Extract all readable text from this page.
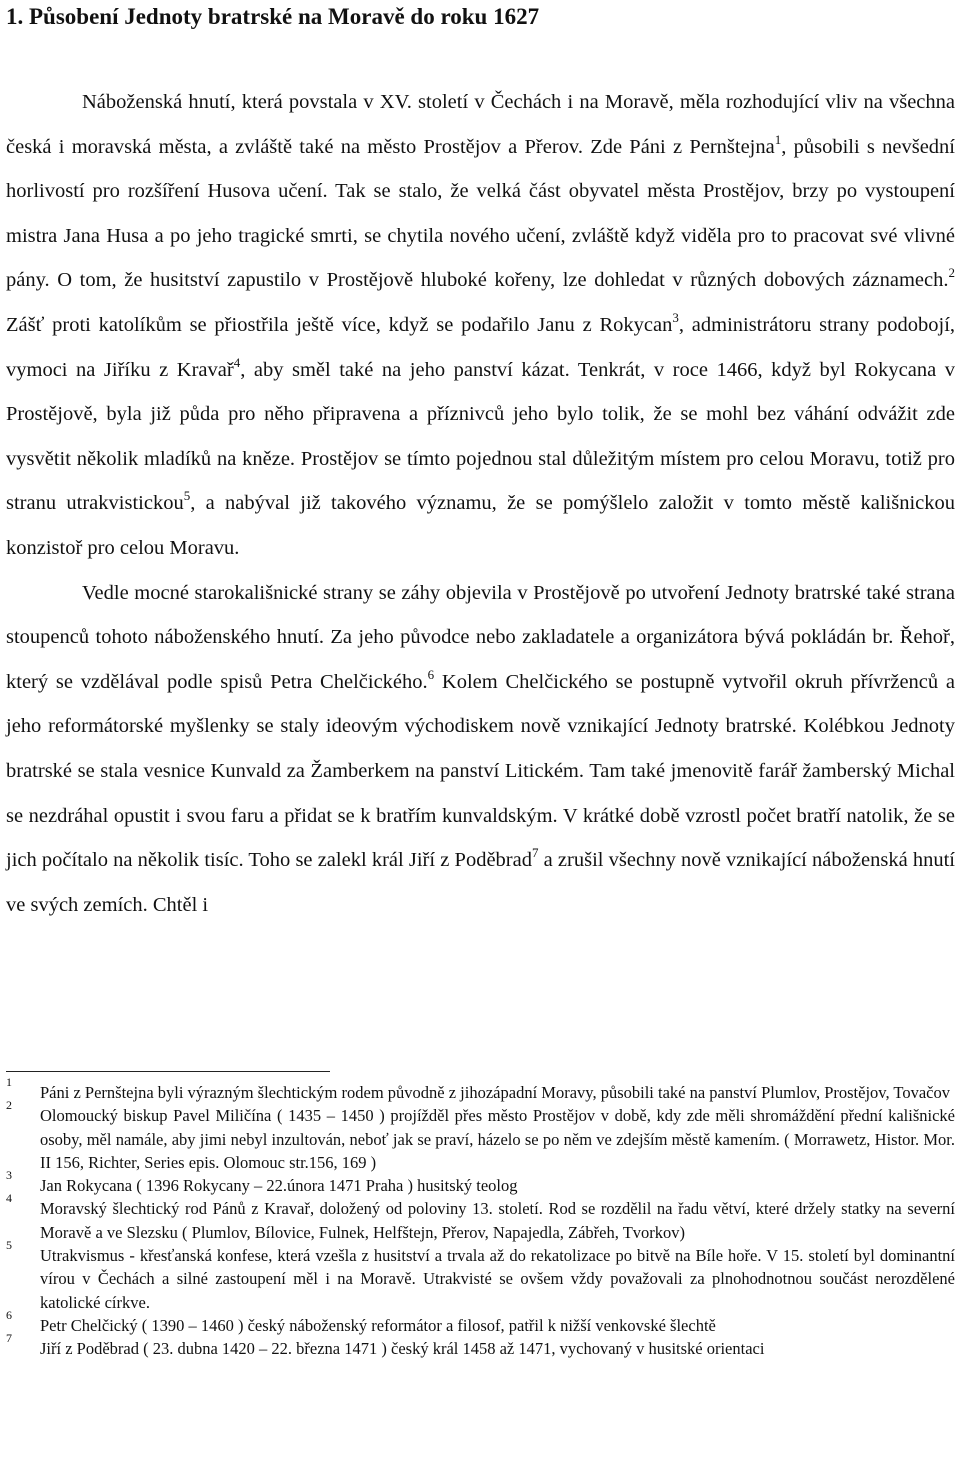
1. Působení Jednoty bratrské na Moravě do roku 1627

Náboženská hnutí, která povstala v XV. století v Čechách i na Moravě, měla rozhodující vliv na všechna česká i moravská města, a zvláště také na město Prostějov a Přerov. Zde Páni z Pernštejna$^1$, působili s nevšední horlivostí pro rozšíření Husova učení. Tak se stalo, že velká část obyvatel města Prostějov, brzy po vystoupení mistra Jana Husa a po jeho tragické smrti, se chytila nového učení, zvláště když viděla pro to pracovat své vlivné pány. O tom, že husitství zapustilo v Prostějově hluboké kořeny, lze dohledat v různých dobových záznamech.$^2$ Zášť proti katolíkům se přiostřila ještě více, když se podařilo Janu z Rokycan$^3$, administrátoru strany podobojí, vymoci na Jiříku z Kravař$^4$, aby směl také na jeho panství kázat. Tenkrát, v roce 1466, když byl Rokycana v Prostějově, byla již půda pro něho připravena a příznivců jeho bylo tolik, že se mohl bez váhání odvážit zde vysvětit několik mladíků na kněze. Prostějov se tímto pojednou stal důležitým místem pro celou Moravu, totiž pro stranu utrakvistickou$^5$, a nabýval již takového významu, že se pomýšlelo založit v tomto městě kališnickou konzistoř pro celou Moravu.

Vedle mocné starokališnické strany se záhy objevila v Prostějově po utvoření Jednoty bratrské také strana stoupenců tohoto náboženského hnutí. Za jeho původce nebo zakladatele a organizátora bývá pokládán br. Řehoř, který se vzdělával podle spisů Petra Chelčického.$^6$ Kolem Chelčického se postupně vytvořil okruh přívrženců a jeho reformátorské myšlenky se staly ideovým východiskem nově vznikající Jednoty bratrské. Kolébkou Jednoty bratrské se stala vesnice Kunvald za Žamberkem na panství Litickém. Tam také jmenovitě farář žamberský Michal se nezdráhal opustit i svou faru a přidat se k bratřím kunvaldským. V krátké době vzrostl počet bratří natolik, že se jich počítalo na několik tisíc. Toho se zalekl král Jiří z Poděbrad$^7$ a zrušil všechny nově vznikající náboženská hnutí ve svých zemích. Chtěl i

1
Páni z Pernštejna byli výrazným šlechtickým rodem původně z jihozápadní Moravy, působili také na panství Plumlov, Prostějov, Tovačov
2
Olomoucký biskup Pavel Miličína ( 1435 – 1450 ) projížděl přes město Prostějov v době, kdy zde měli shromáždění přední kališnické osoby, měl namále, aby jimi nebyl inzultován, neboť jak se praví, házelo se po něm ve zdejším městě kamením. ( Morrawetz, Histor. Mor. II 156, Richter, Series epis. Olomouc str.156, 169 )
3
Jan Rokycana ( 1396 Rokycany – 22.února 1471 Praha ) husitský teolog
4
Moravský šlechtický rod Pánů z Kravař, doložený od poloviny 13. století. Rod se rozdělil na řadu větví, které držely statky na severní Moravě a ve Slezsku ( Plumlov, Bílovice, Fulnek, Helfštejn, Přerov, Napajedla, Zábřeh, Tvorkov)
5
Utrakvismus - křesťanská konfese, která vzešla z husitství a trvala až do rekatolizace po bitvě na Bíle hoře. V 15. století byl dominantní vírou v Čechách a silné zastoupení měl i na Moravě. Utrakvisté se ovšem vždy považovali za plnohodnotnou součást nerozdělené katolické církve.
6
Petr Chelčický ( 1390 – 1460 ) český náboženský reformátor a filosof, patřil k nižší venkovské šlechtě
7
Jiří z Poděbrad ( 23. dubna 1420 – 22. března 1471 ) český král 1458 až 1471, vychovaný v husitské orientaci
